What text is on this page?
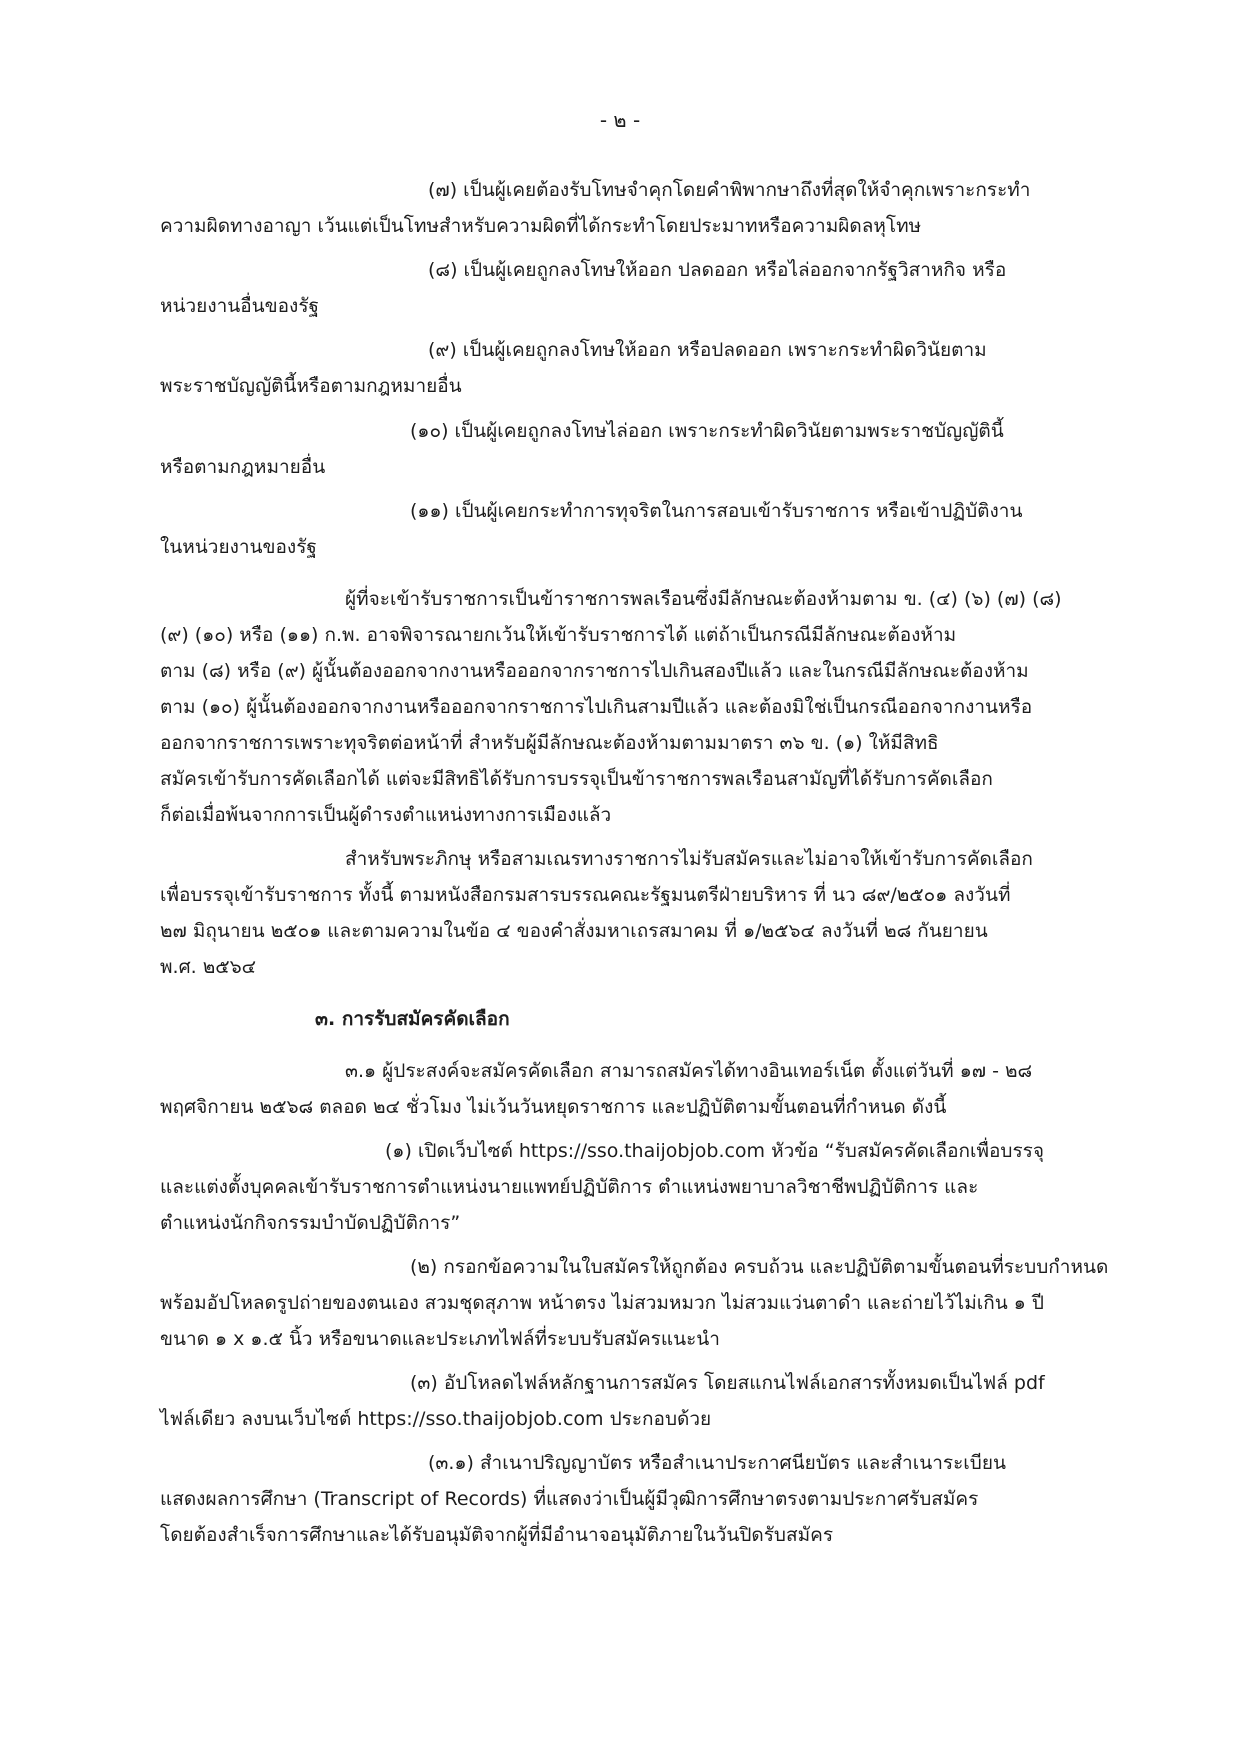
- ๒ -
(๗) เป็นผู้เคยต้องรับโทษจำคุกโดยคำพิพากษาถึงที่สุดให้จำคุกเพราะกระทำ
ความผิดทางอาญา เว้นแต่เป็นโทษสำหรับความผิดที่ได้กระทำโดยประมาทหรือความผิดลหุโทษ
(๘) เป็นผู้เคยถูกลงโทษให้ออก ปลดออก หรือไล่ออกจากรัฐวิสาหกิจ หรือ
หน่วยงานอื่นของรัฐ
(๙) เป็นผู้เคยถูกลงโทษให้ออก หรือปลดออก เพราะกระทำผิดวินัยตาม
พระราชบัญญัตินี้หรือตามกฎหมายอื่น
(๑๐) เป็นผู้เคยถูกลงโทษไล่ออก เพราะกระทำผิดวินัยตามพระราชบัญญัตินี้
หรือตามกฎหมายอื่น
(๑๑) เป็นผู้เคยกระทำการทุจริตในการสอบเข้ารับราชการ หรือเข้าปฏิบัติงาน
ในหน่วยงานของรัฐ
ผู้ที่จะเข้ารับราชการเป็นข้าราชการพลเรือนซึ่งมีลักษณะต้องห้ามตาม ข. (๔) (๖) (๗) (๘)
(๙) (๑๐) หรือ (๑๑) ก.พ. อาจพิจารณายกเว้นให้เข้ารับราชการได้ แต่ถ้าเป็นกรณีมีลักษณะต้องห้าม
ตาม (๘) หรือ (๙) ผู้นั้นต้องออกจากงานหรือออกจากราชการไปเกินสองปีแล้ว และในกรณีมีลักษณะต้องห้าม
ตาม (๑๐) ผู้นั้นต้องออกจากงานหรือออกจากราชการไปเกินสามปีแล้ว และต้องมิใช่เป็นกรณีออกจากงานหรือ
ออกจากราชการเพราะทุจริตต่อหน้าที่ สำหรับผู้มีลักษณะต้องห้ามตามมาตรา ๓๖ ข. (๑) ให้มีสิทธิ
สมัครเข้ารับการคัดเลือกได้ แต่จะมีสิทธิได้รับการบรรจุเป็นข้าราชการพลเรือนสามัญที่ได้รับการคัดเลือก
ก็ต่อเมื่อพ้นจากการเป็นผู้ดำรงตำแหน่งทางการเมืองแล้ว
สำหรับพระภิกษุ หรือสามเณรทางราชการไม่รับสมัครและไม่อาจให้เข้ารับการคัดเลือก
เพื่อบรรจุเข้ารับราชการ ทั้งนี้ ตามหนังสือกรมสารบรรณคณะรัฐมนตรีฝ่ายบริหาร ที่ นว ๘๙/๒๕๐๑ ลงวันที่
๒๗ มิถุนายน ๒๕๐๑ และตามความในข้อ ๔ ของคำสั่งมหาเถรสมาคม ที่ ๑/๒๕๖๔ ลงวันที่ ๒๘ กันยายน
พ.ศ. ๒๕๖๔
๓. การรับสมัครคัดเลือก
๓.๑ ผู้ประสงค์จะสมัครคัดเลือก สามารถสมัครได้ทางอินเทอร์เน็ต ตั้งแต่วันที่ ๑๗ - ๒๘
พฤศจิกายน ๒๕๖๘ ตลอด ๒๔ ชั่วโมง ไม่เว้นวันหยุดราชการ และปฏิบัติตามขั้นตอนที่กำหนด ดังนี้
(๑) เปิดเว็บไซต์ https://sso.thaijobjob.com หัวข้อ “รับสมัครคัดเลือกเพื่อบรรจุ
และแต่งตั้งบุคคลเข้ารับราชการตำแหน่งนายแพทย์ปฏิบัติการ ตำแหน่งพยาบาลวิชาชีพปฏิบัติการ และ
ตำแหน่งนักกิจกรรมบำบัดปฏิบัติการ”
(๒) กรอกข้อความในใบสมัครให้ถูกต้อง ครบถ้วน และปฏิบัติตามขั้นตอนที่ระบบกำหนด
พร้อมอัปโหลดรูปถ่ายของตนเอง สวมชุดสุภาพ หน้าตรง ไม่สวมหมวก ไม่สวมแว่นตาดำ และถ่ายไว้ไม่เกิน ๑ ปี
ขนาด ๑ x ๑.๕ นิ้ว หรือขนาดและประเภทไฟล์ที่ระบบรับสมัครแนะนำ
(๓) อัปโหลดไฟล์หลักฐานการสมัคร โดยสแกนไฟล์เอกสารทั้งหมดเป็นไฟล์ pdf
ไฟล์เดียว ลงบนเว็บไซต์ https://sso.thaijobjob.com ประกอบด้วย
(๓.๑) สำเนาปริญญาบัตร หรือสำเนาประกาศนียบัตร และสำเนาระเบียน
แสดงผลการศึกษา (Transcript of Records) ที่แสดงว่าเป็นผู้มีวุฒิการศึกษาตรงตามประกาศรับสมัคร
โดยต้องสำเร็จการศึกษาและได้รับอนุมัติจากผู้ที่มีอำนาจอนุมัติภายในวันปิดรับสมัคร
